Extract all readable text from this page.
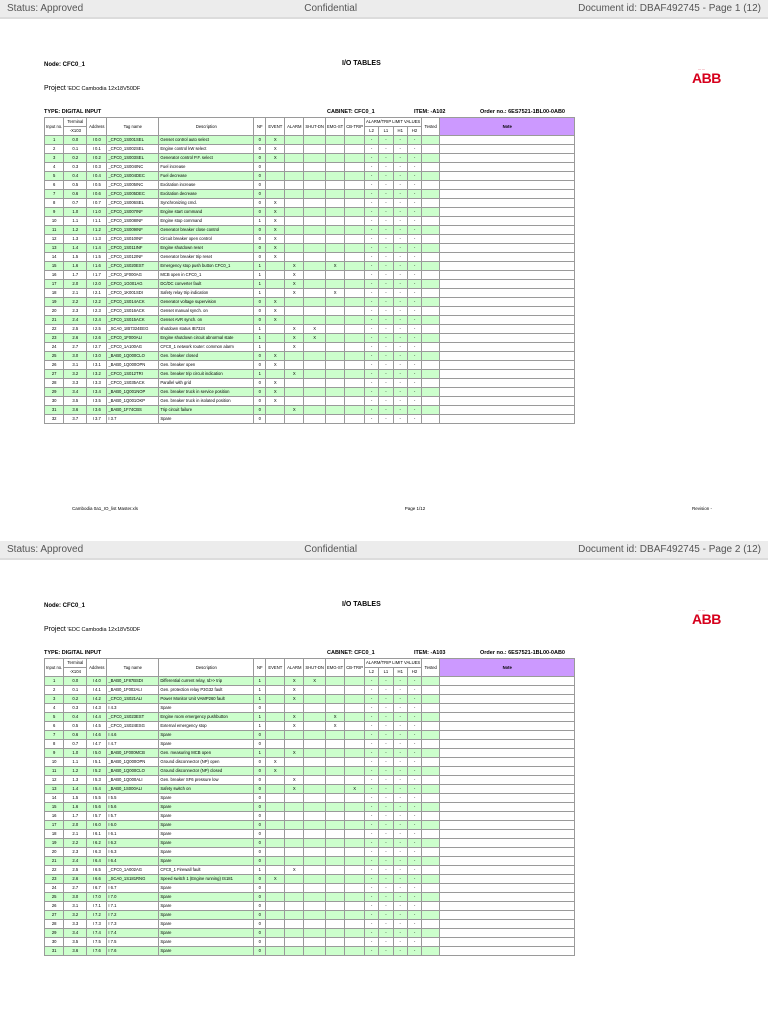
Status: Approved	Confidential	Document id: DBAF492745 - Page 1 (12)
Node: CFC0_1	I/O TABLES
Project 'EDC Cambodia 12x18V50DF
— —
ABB
TYPE: DIGITAL INPUT	CABINET: CFC0_1	ITEM: -A102	Order no.: 6ES7521-1BL00-0AB0
Input no.	Terminal	Address	Tag name	Description	NF	EVENT	ALARM	SHUT-DN	EMG-ST	CB-TRIP	ALARM/TRIP LIMIT VALUES				Tested	Note
	-X103										L2	L1	H1	H2		
1	0.0	I 0.0	_CFC0_1S001SEL	Genset control auto select	0	X					-	-	-	-		
2	0.1	I 0.1	_CFC0_1S002SEL	Engine control kW select	0	X					-	-	-	-		
3	0.2	I 0.2	_CFC0_1S003SEL	Generator control P.F. select	0	X					-	-	-	-		
4	0.3	I 0.3	_CFC0_1S004INC	Fuel increase	0						-	-	-	-		
5	0.4	I 0.4	_CFC0_1S004DEC	Fuel decrease	0						-	-	-	-		
6	0.5	I 0.5	_CFC0_1S005INC	Excitation increase	0						-	-	-	-		
7	0.6	I 0.6	_CFC0_1S005DEC	Excitation decrease	0						-	-	-	-		
8	0.7	I 0.7	_CFC0_1S006SEL	Synchronizing cmd.	0	X					-	-	-	-		
9	1.0	I 1.0	_CFC0_1S007INF	Engine start command	0	X					-	-	-	-		
10	1.1	I 1.1	_CFC0_1S008INF	Engine stop command	1	X					-	-	-	-		
11	1.2	I 1.2	_CFC0_1S009INF	Generator breaker close control	0	X					-	-	-	-		
12	1.3	I 1.3	_CFC0_1S010INF	Circuit breaker open control	0	X					-	-	-	-		
13	1.4	I 1.4	_CFC0_1S011INF	Engine shutdown reset	0	X					-	-	-	-		
14	1.5	I 1.5	_CFC0_1S012INF	Generator breaker trip reset	0	X					-	-	-	-		
15	1.6	I 1.6	_CFC0_1S020EST	Emergency stop push button CFC0_1	1		X		X		-	-	-	-		
16	1.7	I 1.7	_CFC0_1F000AG	MCB open in CFC0_1	1		X				-	-	-	-		
17	2.0	I 2.0	_CFC0_1G001AG	DC/DC converter fault	1		X				-	-	-	-		
18	2.1	I 2.1	_CFC0_1K001SDI	Safety relay trip indication	1		X		X		-	-	-	-		
19	2.2	I 2.2	_CFC0_1S014ACK	Generator voltage supervision	0	X					-	-	-	-		
20	2.3	I 2.3	_CFC0_1S016ACK	Genset manual synch. on	0	X					-	-	-	-		
21	2.4	I 2.4	_CFC0_1S015ACK	Genset AVR synch. on	0	X					-	-	-	-		
22	2.5	I 2.5	_SCA0_1IB7324EEG	shutdown status IB7324	1		X	X			-	-	-	-		
23	2.6	I 2.6	_CFC0_1F000ALI	Engine shutdown circuit abnormal state	1		X	X			-	-	-	-		
24	2.7	I 2.7	_CFC0_1A100AG	CFC0_1 network router: common alarm	1		X				-	-	-	-		
25	3.0	I 3.0	_BAB0_1Q000CLO	Gen. breaker closed	0	X					-	-	-	-		
26	3.1	I 3.1	_BAB0_1Q000OPN	Gen. breaker open	0	X					-	-	-	-		
27	3.2	I 3.2	_CFC0_1S012TRI	Gen. breaker trip circuit indication	1		X				-	-	-	-		
28	3.3	I 3.3	_CFC0_1S035ACK	Parallel with grid	0	X					-	-	-	-		
29	3.4	I 3.4	_BAB0_1Q001NOP	Gen. breaker truck in service position	0	X					-	-	-	-		
30	3.5	I 3.5	_BAB0_1Q001OKP	Gen. breaker truck in isolated position	0	X					-	-	-	-		
31	3.6	I 3.6	_BAB0_1F74CBS	Trip circuit failure	0		X				-	-	-	-		
32	3.7	I 3.7	I 3.7	Spare	0						-	-	-	-		
Cambodia 0a1_IO_list Master.xls	Page 1/12	Revision -
Status: Approved	Confidential	Document id: DBAF492745 - Page 2 (12)
Node: CFC0_1	I/O TABLES
Project 'EDC Cambodia 12x18V50DF
— —
ABB
TYPE: DIGITAL INPUT	CABINET: CFC0_1	ITEM: -A103	Order no.: 6ES7521-1BL00-0AB0
Input no.	Terminal	Address	Tag name	Description	NF	EVENT	ALARM	SHUT-DN	EMG-ST	CB-TRIP	ALARM/TRIP LIMIT VALUES				Tested	Note
	-X104										L2	L1	H1	H2		
1	0.0	I 4.0	_BAB0_1F87BSDI	Differential current relay, Id>> trip	1		X	X			-	-	-	-		
2	0.1	I 4.1	_BAB0_1F002ALI	Gen. protection relay P3G32 fault	1		X				-	-	-	-		
3	0.2	I 4.2	_CFC0_1S021ALI	Power Monitor Unit VAMP260 fault	1		X				-	-	-	-		
4	0.3	I 4.3	I 4.3	Spare	0						-	-	-	-		
5	0.4	I 4.4	_CFC0_1S023EST	Engine room emergency pushbutton	1		X		X		-	-	-	-		
6	0.5	I 4.5	_CFC0_1S024ESG	External emergency stop	1		X		X		-	-	-	-		
7	0.6	I 4.6	I 4.6	Spare	0						-	-	-	-		
8	0.7	I 4.7	I 4.7	Spare	0						-	-	-	-		
9	1.0	I 5.0	_BAB0_1F000MCB	Gen. measuring MCB open	1		X				-	-	-	-		
10	1.1	I 5.1	_BAB0_1Q000OPN	Ground disconnector (NP) open	0	X					-	-	-	-		
11	1.2	I 5.2	_BAB0_1Q000CLO	Ground disconnector (NP) closed	0	X					-	-	-	-		
12	1.3	I 5.3	_BAB0_1Q000ALI	Gen. breaker SF6 pressure low	0		X				-	-	-	-		
13	1.4	I 5.4	_BAB0_1S000ALI	Safety switch on	0		X			X	-	-	-	-		
14	1.5	I 5.5	I 5.5	Spare	0						-	-	-	-		
15	1.6	I 5.6	I 5.6	Spare	0						-	-	-	-		
16	1.7	I 5.7	I 5.7	Spare	0						-	-	-	-		
17	2.0	I 6.0	I 6.0	Spare	0						-	-	-	-		
18	2.1	I 6.1	I 6.1	Spare	0						-	-	-	-		
19	2.2	I 6.2	I 6.2	Spare	0						-	-	-	-		
20	2.3	I 6.3	I 6.3	Spare	0						-	-	-	-		
21	2.4	I 6.4	I 6.4	Spare	0						-	-	-	-		
22	2.5	I 6.5	_CFC0_1A002AG	CFC0_1 Firewall fault	1		X				-	-	-	-		
23	2.6	I 6.6	_SCA0_1S181RNG	Speed switch 1 (Engine running) IS181	0	X					-	-	-	-		
24	2.7	I 6.7	I 6.7	Spare	0						-	-	-	-		
25	3.0	I 7.0	I 7.0	Spare	0						-	-	-	-		
26	3.1	I 7.1	I 7.1	Spare	0						-	-	-	-		
27	3.2	I 7.2	I 7.2	Spare	0						-	-	-	-		
28	3.3	I 7.3	I 7.3	Spare	0						-	-	-	-		
29	3.4	I 7.4	I 7.4	Spare	0						-	-	-	-		
30	3.5	I 7.5	I 7.5	Spare	0						-	-	-	-		
31	3.6	I 7.6	I 7.6	Spare	0						-	-	-	-		
